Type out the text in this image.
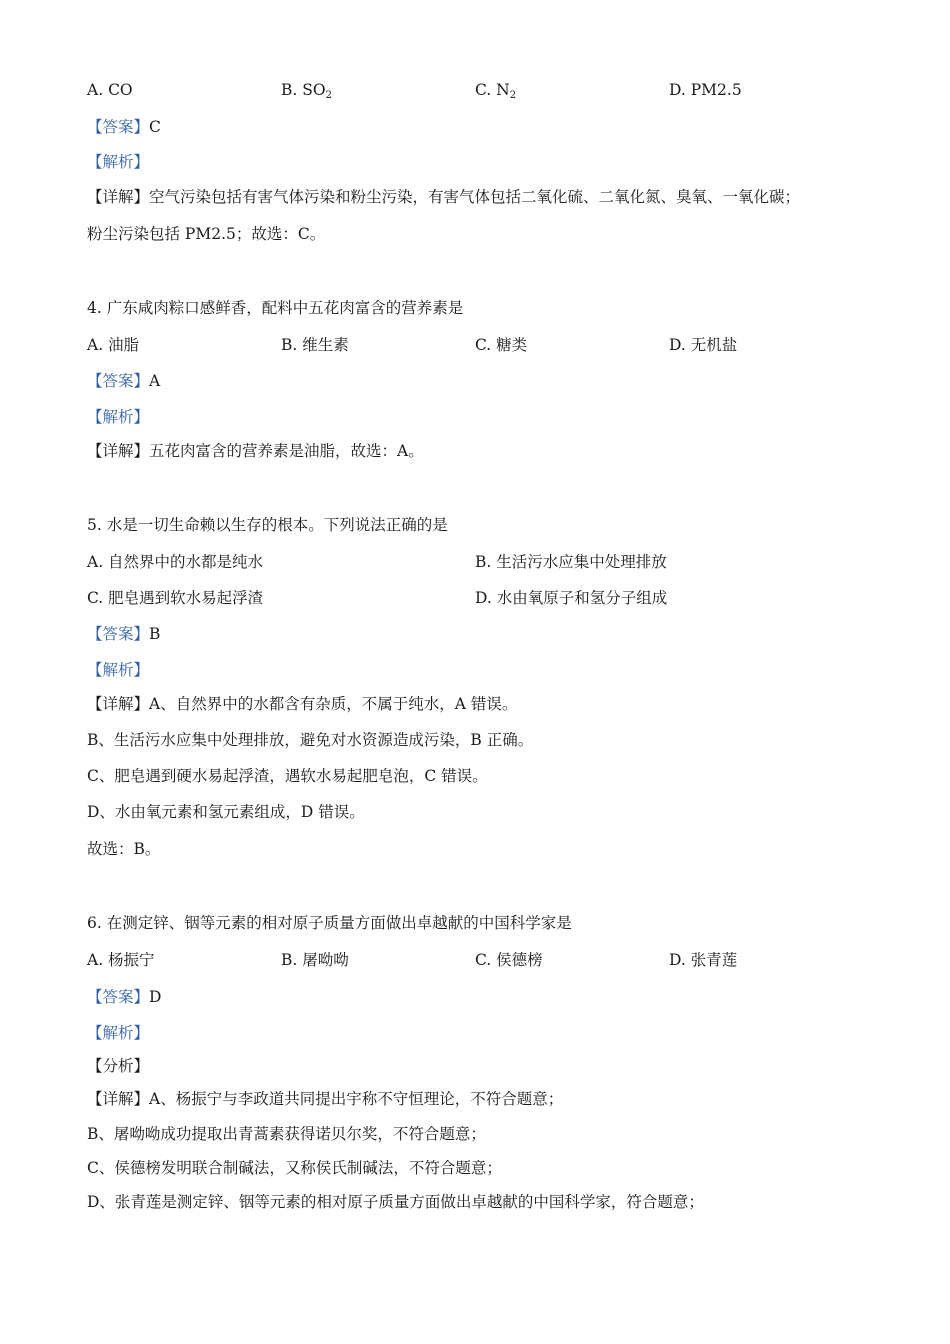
A. CO	B. $SO_2$	C. $N_2$	D. PM2.5
【答案】C
【解析】
【详解】空气污染包括有害气体污染和粉尘污染，有害气体包括二氧化硫、二氧化氮、臭氧、一氧化碳；
粉尘污染包括 PM2.5；故选：C。
4. 广东咸肉粽口感鲜香，配料中五花肉富含的营养素是
A. 油脂	B. 维生素	C. 糖类	D. 无机盐
【答案】A
【解析】
【详解】五花肉富含的营养素是油脂，故选：A。
5. 水是一切生命赖以生存的根本。下列说法正确的是
A. 自然界中的水都是纯水	B. 生活污水应集中处理排放
C. 肥皂遇到软水易起浮渣	D. 水由氧原子和氢分子组成
【答案】B
【解析】
【详解】A、自然界中的水都含有杂质，不属于纯水，A 错误。
B、生活污水应集中处理排放，避免对水资源造成污染，B 正确。
C、肥皂遇到硬水易起浮渣，遇软水易起肥皂泡，C 错误。
D、水由氧元素和氢元素组成，D 错误。
故选：B。
6. 在测定锌、铟等元素的相对原子质量方面做出卓越献的中国科学家是
A. 杨振宁	B. 屠呦呦	C. 侯德榜	D. 张青莲
【答案】D
【解析】
【分析】
【详解】A、杨振宁与李政道共同提出宇称不守恒理论，不符合题意；
B、屠呦呦成功提取出青蒿素获得诺贝尔奖，不符合题意；
C、侯德榜发明联合制碱法，又称侯氏制碱法，不符合题意；
D、张青莲是测定锌、铟等元素的相对原子质量方面做出卓越献的中国科学家，符合题意；
